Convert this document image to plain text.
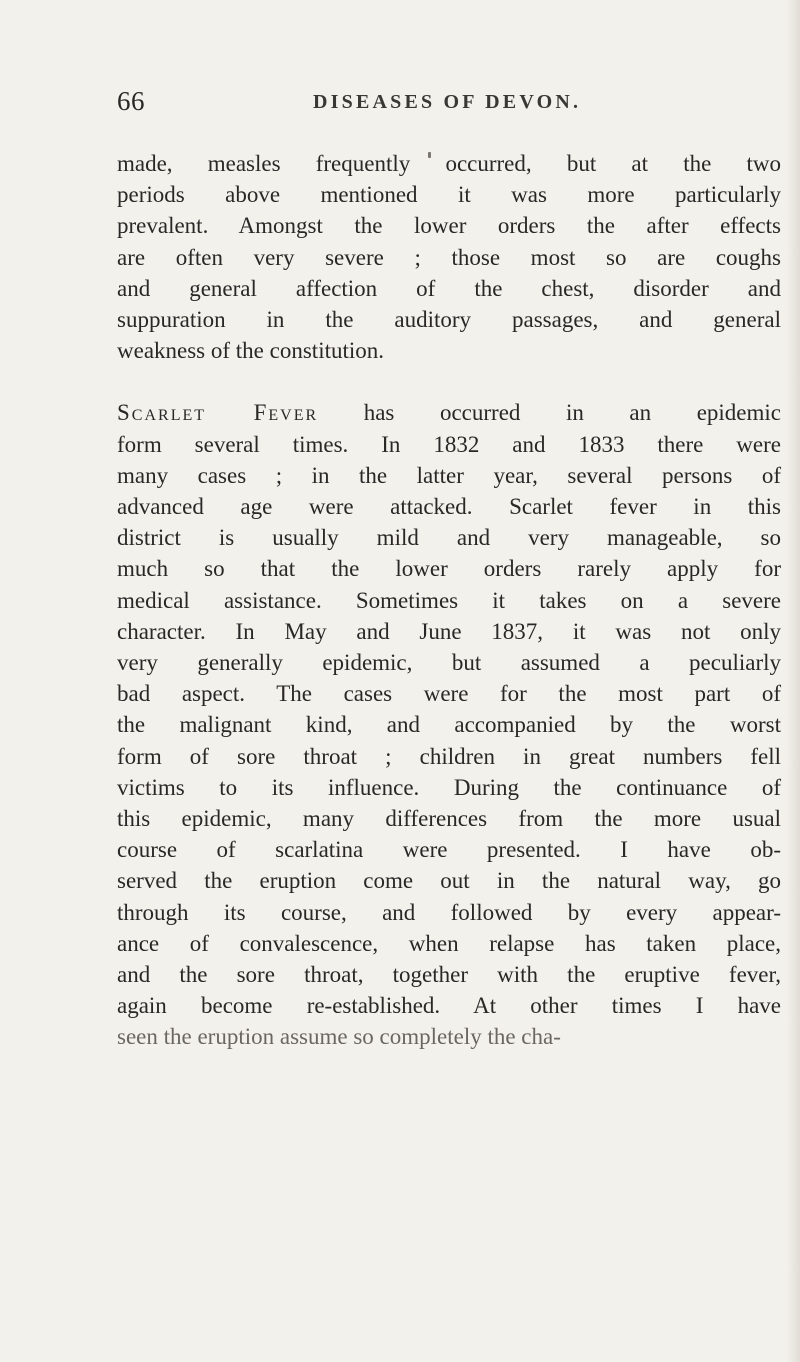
66	DISEASES OF DEVON.

made, measles frequently occurred, but at the two
periods above mentioned it was more particularly
prevalent. Amongst the lower orders the after effects
are often very severe ; those most so are coughs
and general affection of the chest, disorder and
suppuration in the auditory passages, and general
weakness of the constitution.

Scarlet Fever has occurred in an epidemic
form several times. In 1832 and 1833 there were
many cases ; in the latter year, several persons of
advanced age were attacked. Scarlet fever in this
district is usually mild and very manageable, so
much so that the lower orders rarely apply for
medical assistance. Sometimes it takes on a severe
character. In May and June 1837, it was not only
very generally epidemic, but assumed a peculiarly
bad aspect. The cases were for the most part of
the malignant kind, and accompanied by the worst
form of sore throat ; children in great numbers fell
victims to its influence. During the continuance of
this epidemic, many differences from the more usual
course of scarlatina were presented. I have ob-
served the eruption come out in the natural way, go
through its course, and followed by every appear-
ance of convalescence, when relapse has taken place,
and the sore throat, together with the eruptive fever,
again become re-established. At other times I have
seen the eruption assume so completely the cha-
